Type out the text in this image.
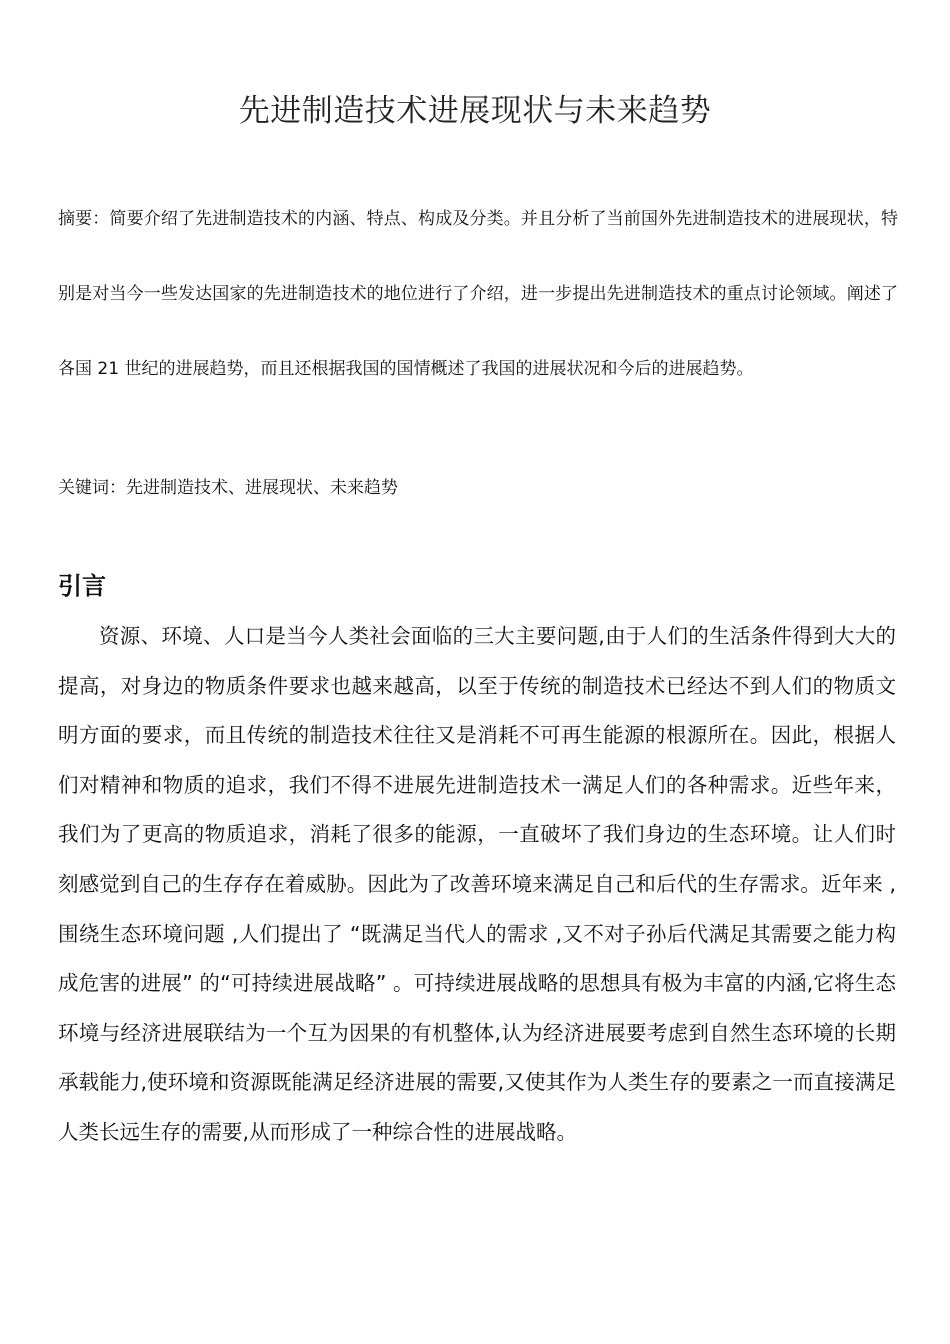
先进制造技术进展现状与未来趋势

摘要：简要介绍了先进制造技术的内涵、特点、构成及分类。并且分析了当前国外先进制造技术的进展现状，特别是对当今一些发达国家的先进制造技术的地位进行了介绍，进一步提出先进制造技术的重点讨论领域。阐述了各国 21 世纪的进展趋势，而且还根据我国的国情概述了我国的进展状况和今后的进展趋势。

关键词：先进制造技术、进展现状、未来趋势

引言

资源、环境、人口是当今人类社会面临的三大主要问题,由于人们的生活条件得到大大的提高，对身边的物质条件要求也越来越高，以至于传统的制造技术已经达不到人们的物质文明方面的要求，而且传统的制造技术往往又是消耗不可再生能源的根源所在。因此，根据人们对精神和物质的追求，我们不得不进展先进制造技术一满足人们的各种需求。近些年来，我们为了更高的物质追求，消耗了很多的能源，一直破坏了我们身边的生态环境。让人们时刻感觉到自己的生存存在着威胁。因此为了改善环境来满足自己和后代的生存需求。近年来 ,围绕生态环境问题 ,人们提出了 “既满足当代人的需求 ,又不对子孙后代满足其需要之能力构成危害的进展” 的“可持续进展战略” 。可持续进展战略的思想具有极为丰富的内涵,它将生态环境与经济进展联结为一个互为因果的有机整体,认为经济进展要考虑到自然生态环境的长期承载能力,使环境和资源既能满足经济进展的需要,又使其作为人类生存的要素之一而直接满足人类长远生存的需要,从而形成了一种综合性的进展战略。
